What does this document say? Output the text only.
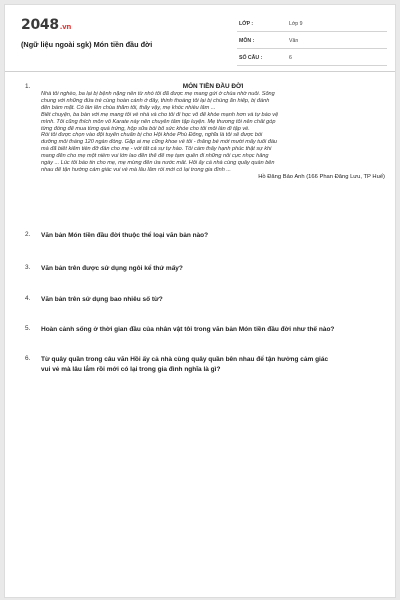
2048.vn
(Ngữ liệu ngoài sgk) Món tiền đầu đời
LỚP :	Lớp 9
MÔN :	Văn
SỐ CÂU :	6
1.	MÓN TIỀN ĐẦU ĐỜI
Nhà tôi nghèo, ba lại bị bệnh nặng nên từ nhỏ tôi đã được mẹ mang gửi ở chùa nhờ nuôi. Sống
chung với những đứa trẻ cùng hoàn cảnh ở đây, thỉnh thoảng tôi lại bị chúng ăn hiếp, bị đánh
đến bầm mặt. Có lần lên chùa thăm tôi, thấy vậy, mẹ khóc nhiều lắm ...
Biết chuyện, ba bàn với mẹ mang tôi về nhà và cho tôi đi học võ để khỏe mạnh hơn và tự bảo vệ
mình. Tôi cũng thích môn võ Karate này nên chuyên tâm tập luyện. Mẹ thương tôi nên chắt góp
từng đồng để mua từng quả trứng, hộp sữa bồi bổ sức khỏe cho tôi mỗi lần đi tập về.
Rồi tôi được chọn vào đội tuyển chuẩn bị cho Hội khỏe Phù Đổng, nghĩa là tôi sẽ được bồi
dưỡng mỗi tháng 120 ngàn đồng. Gặp ai mẹ cũng khoe về tôi - thằng bé mới mười mấy tuổi đầu
mà đã biết kiếm tiền đỡ đần cho mẹ - với tất cả sự tự hào. Tôi cảm thấy hạnh phúc thật sự khi
mang đến cho mẹ một niềm vui lớn lao đến thế để mẹ tạm quên đi những nỗi cực nhọc hằng
ngày ... Lúc tôi báo tin cho mẹ, mẹ mừng đến ứa nước mắt. Hỗi ấy cả nhà cùng quây quần bên
nhau để tận hưởng cảm giác vui vẻ mà lâu lắm rồi mới có lại trong gia đình ...
Hồ Đăng Bảo Anh (166 Phan Đăng Lưu, TP Huế)
2. Văn bản Món tiền đầu đời thuộc thể loại văn bản nào?
3. Văn bản trên được sử dụng ngôi kể thứ mấy?
4. Văn bản trên sử dụng bao nhiêu số từ?
5. Hoàn cảnh sống ở thời gian đầu của nhân vật tôi trong văn bản Món tiền đầu đời như thế nào?
6. Từ quây quần trong câu văn Hồi ấy cả nhà cùng quây quần bên nhau để tận hưởng cảm giác
vui vẻ mà lâu lắm rồi mới có lại trong gia đình nghĩa là gì?
